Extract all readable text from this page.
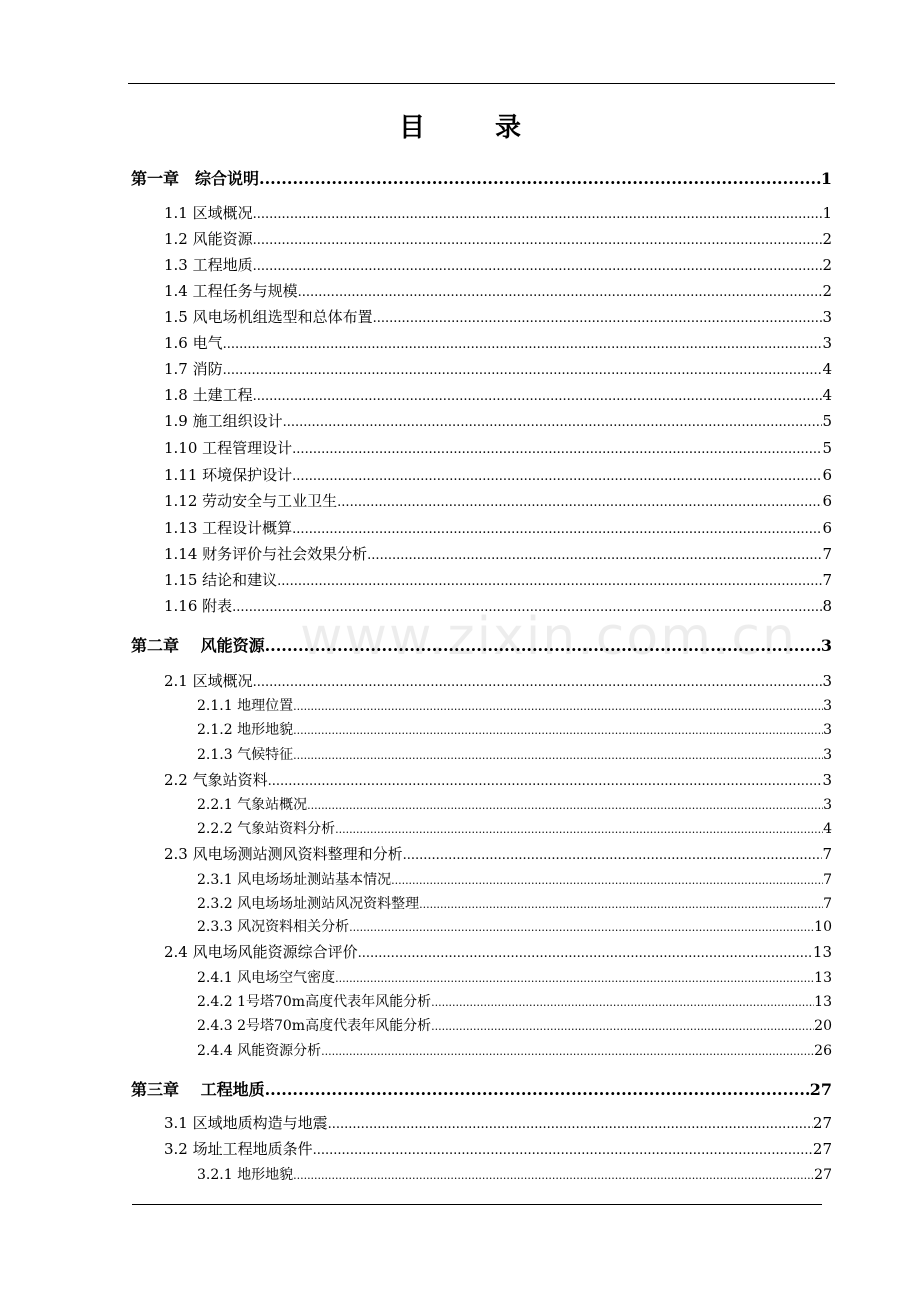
目录
www.zixin.com.cn
第一章　综合说明 .....	1
1.1 区域概况 .....	1
1.2 风能资源 .....	2
1.3 工程地质 .....	2
1.4 工程任务与规模 .....	2
1.5 风电场机组选型和总体布置 .....	3
1.6 电气 .....	3
1.7 消防 .....	4
1.8 土建工程 .....	4
1.9 施工组织设计 .....	5
1.10 工程管理设计 .....	5
1.11 环境保护设计 .....	6
1.12 劳动安全与工业卫生 .....	6
1.13 工程设计概算 .....	6
1.14 财务评价与社会效果分析 .....	7
1.15 结论和建议 .....	7
1.16 附表 .....	8
第二章　 风能资源 .....	3
2.1 区域概况 .....	3
2.1.1 地理位置 .....	3
2.1.2 地形地貌 .....	3
2.1.3 气候特征 .....	3
2.2 气象站资料 .....	3
2.2.1 气象站概况 .....	3
2.2.2 气象站资料分析 .....	4
2.3 风电场测站测风资料整理和分析 .....	7
2.3.1 风电场场址测站基本情况 .....	7
2.3.2 风电场场址测站风况资料整理 .....	7
2.3.3 风况资料相关分析 .....	10
2.4 风电场风能资源综合评价 .....	13
2.4.1 风电场空气密度 .....	13
2.4.2 1号塔70m高度代表年风能分析 .....	13
2.4.3 2号塔70m高度代表年风能分析 .....	20
2.4.4 风能资源分析 .....	26
第三章　 工程地质 .....	27
3.1 区域地质构造与地震 .....	27
3.2 场址工程地质条件 .....	27
3.2.1 地形地貌 .....	27
